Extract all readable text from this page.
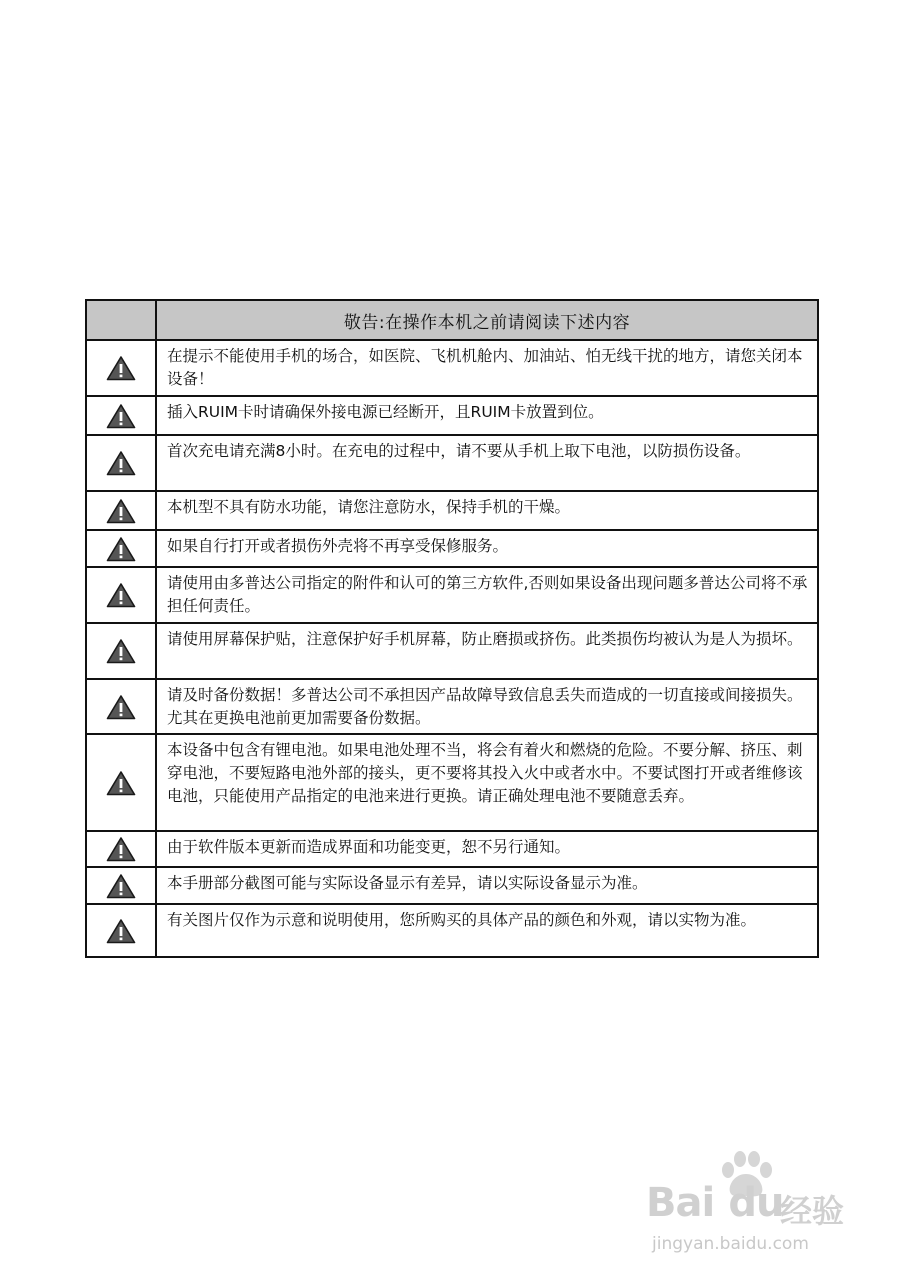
	敬告:在操作本机之前请阅读下述内容

	在提示不能使用手机的场合，如医院、飞机机舱内、加油站、怕无线干扰的地方，请您关闭本设备！

	插入RUIM卡时请确保外接电源已经断开，且RUIM卡放置到位。

	首次充电请充满8小时。在充电的过程中，请不要从手机上取下电池，以防损伤设备。

	本机型不具有防水功能，请您注意防水，保持手机的干燥。

	如果自行打开或者损伤外壳将不再享受保修服务。

	请使用由多普达公司指定的附件和认可的第三方软件,否则如果设备出现问题多普达公司将不承担任何责任。

	请使用屏幕保护贴，注意保护好手机屏幕，防止磨损或挤伤。此类损伤均被认为是人为损坏。

	请及时备份数据！多普达公司不承担因产品故障导致信息丢失而造成的一切直接或间接损失。尤其在更换电池前更加需要备份数据。

	本设备中包含有锂电池。如果电池处理不当，将会有着火和燃烧的危险。不要分解、挤压、刺穿电池，不要短路电池外部的接头，更不要将其投入火中或者水中。不要试图打开或者维修该电池，只能使用产品指定的电池来进行更换。请正确处理电池不要随意丢弃。

	由于软件版本更新而造成界面和功能变更，恕不另行通知。

	本手册部分截图可能与实际设备显示有差异，请以实际设备显示为准。

	有关图片仅作为示意和说明使用，您所购买的具体产品的颜色和外观，请以实物为准。
Bai.du
经验
jingyan.baidu.com
